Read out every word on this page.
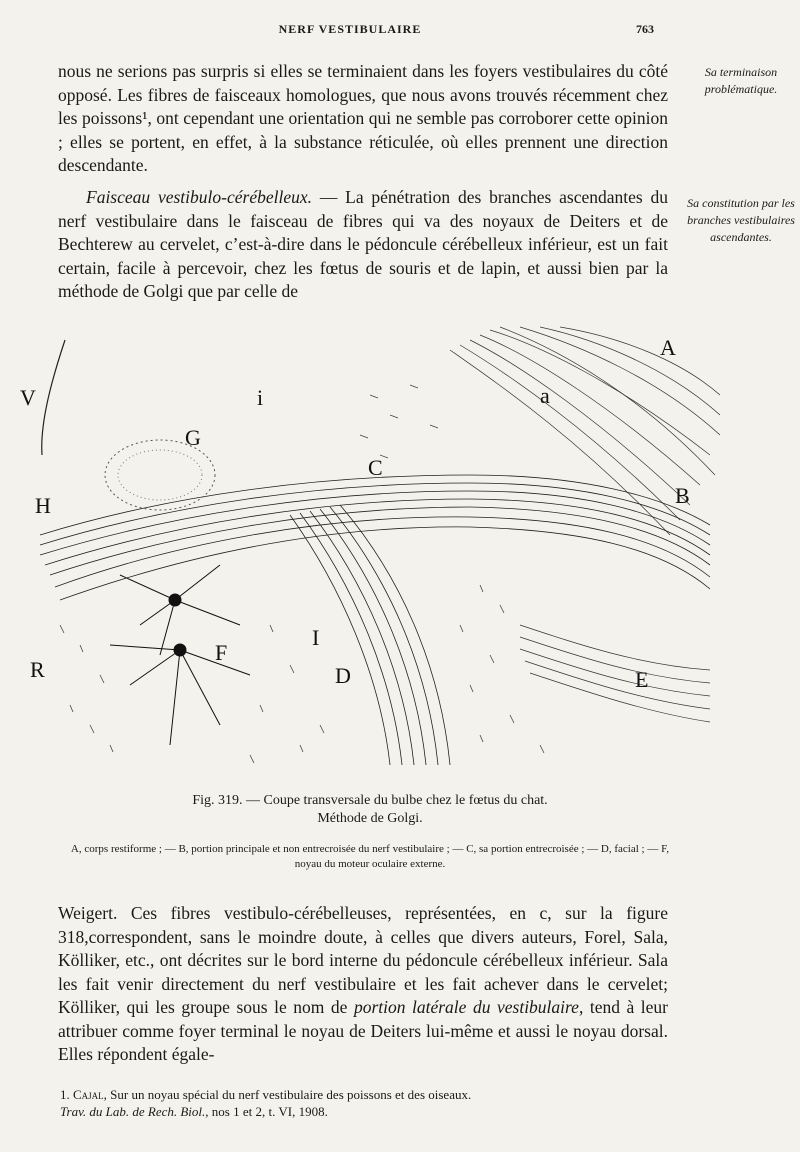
NERF VESTIBULAIRE	763

nous ne serions pas surpris si elles se terminaient dans les foyers vestibulaires du côté opposé. Les fibres de faisceaux homologues, que nous avons trouvés récemment chez les poissons¹, ont cependant une orientation qui ne semble pas corroborer cette opinion ; elles se portent, en effet, à la substance réticulée, où elles prennent une direction descendante.

Faisceau vestibulo-cérébelleux. — La pénétration des branches ascendantes du nerf vestibulaire dans le faisceau de fibres qui va des noyaux de Deiters et de Bechterew au cervelet, c’est-à-dire dans le pédoncule cérébelleux inférieur, est un fait certain, facile à percevoir, chez les fœtus de souris et de lapin, et aussi bien par la méthode de Golgi que par celle de

Sa terminaison problématique.
Sa constitution par les branches vestibulaires ascendantes.
A
B
C
D	E
F
G
H
I
R
V	a
i
Fig. 319. — Coupe transversale du bulbe chez le fœtus du chat.
Méthode de Golgi.
A, corps restiforme ; — B, portion principale et non entrecroisée du nerf vestibulaire ; — C, sa portion entrecroisée ; — D, facial ; — F, noyau du moteur oculaire externe.

Weigert. Ces fibres vestibulo-cérébelleuses, représentées, en c, sur la figure 318,correspondent, sans le moindre doute, à celles que divers auteurs, Forel, Sala, Kölliker, etc., ont décrites sur le bord interne du pédoncule cérébelleux inférieur. Sala les fait venir directement du nerf vestibulaire et les fait achever dans le cervelet; Kölliker, qui les groupe sous le nom de portion latérale du vestibulaire, tend à leur attribuer comme foyer terminal le noyau de Deiters lui-même et aussi le noyau dorsal. Elles répondent égale-

1. Cajal, Sur un noyau spécial du nerf vestibulaire des poissons et des oiseaux.
Trav. du Lab. de Rech. Biol., nos 1 et 2, t. VI, 1908.
